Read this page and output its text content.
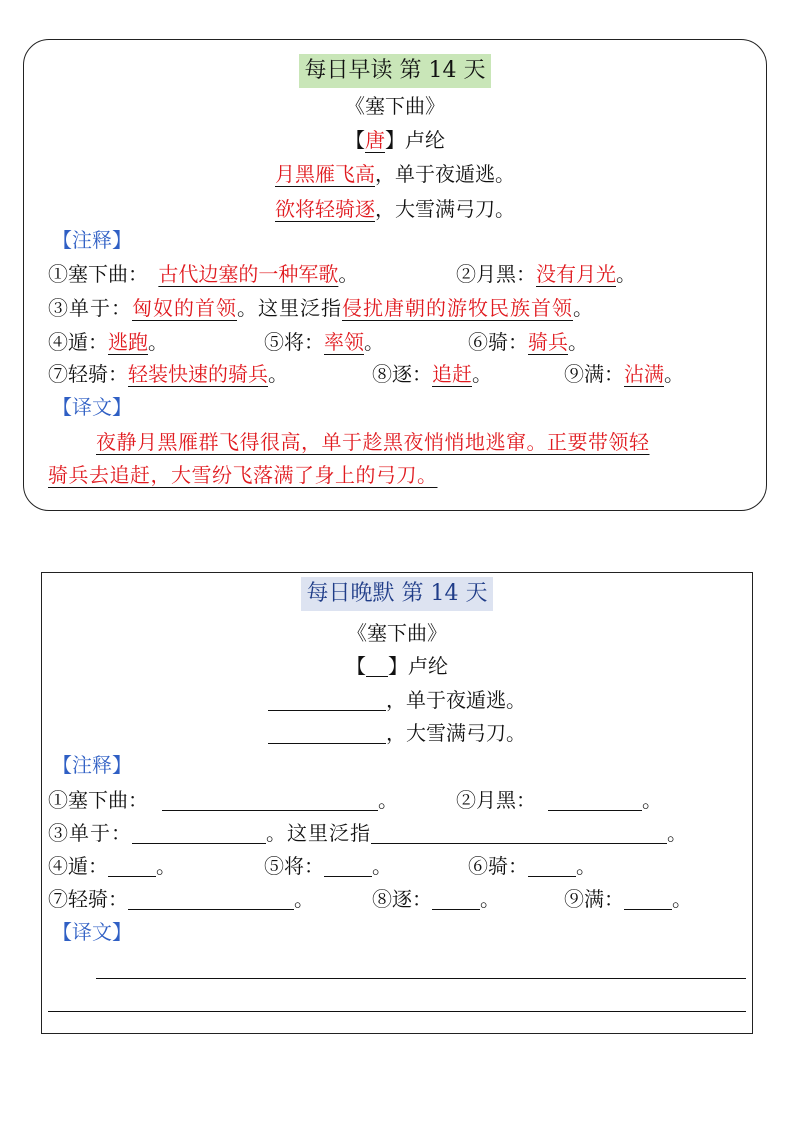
每日早读 第 14 天
《塞下曲》
【唐】卢纶
月黑雁飞高，单于夜遁逃。
欲将轻骑逐，大雪满弓刀。
【注释】
①塞下曲： 古代边塞的一种军歌。	②月黑：没有月光。
③单于：匈奴的首领。这里泛指侵扰唐朝的游牧民族首领。
④遁：逃跑。	⑤将：率领。	⑥骑：骑兵。
⑦轻骑：轻装快速的骑兵。	⑧逐：追赶。	⑨满：沾满。
【译文】
夜静月黑雁群飞得很高，单于趁黑夜悄悄地逃窜。正要带领轻
骑兵去追赶，大雪纷飞落满了身上的弓刀。
每日晚默 第 14 天
《塞下曲》
【 】卢纶
，单于夜遁逃。
，大雪满弓刀。
【注释】
①塞下曲：	。	②月黑：	。
③单于：	。这里泛指	。
④遁： 。	⑤将： 。	⑥骑： 。
⑦轻骑：	。	⑧逐： 。	⑨满： 。
【译文】
